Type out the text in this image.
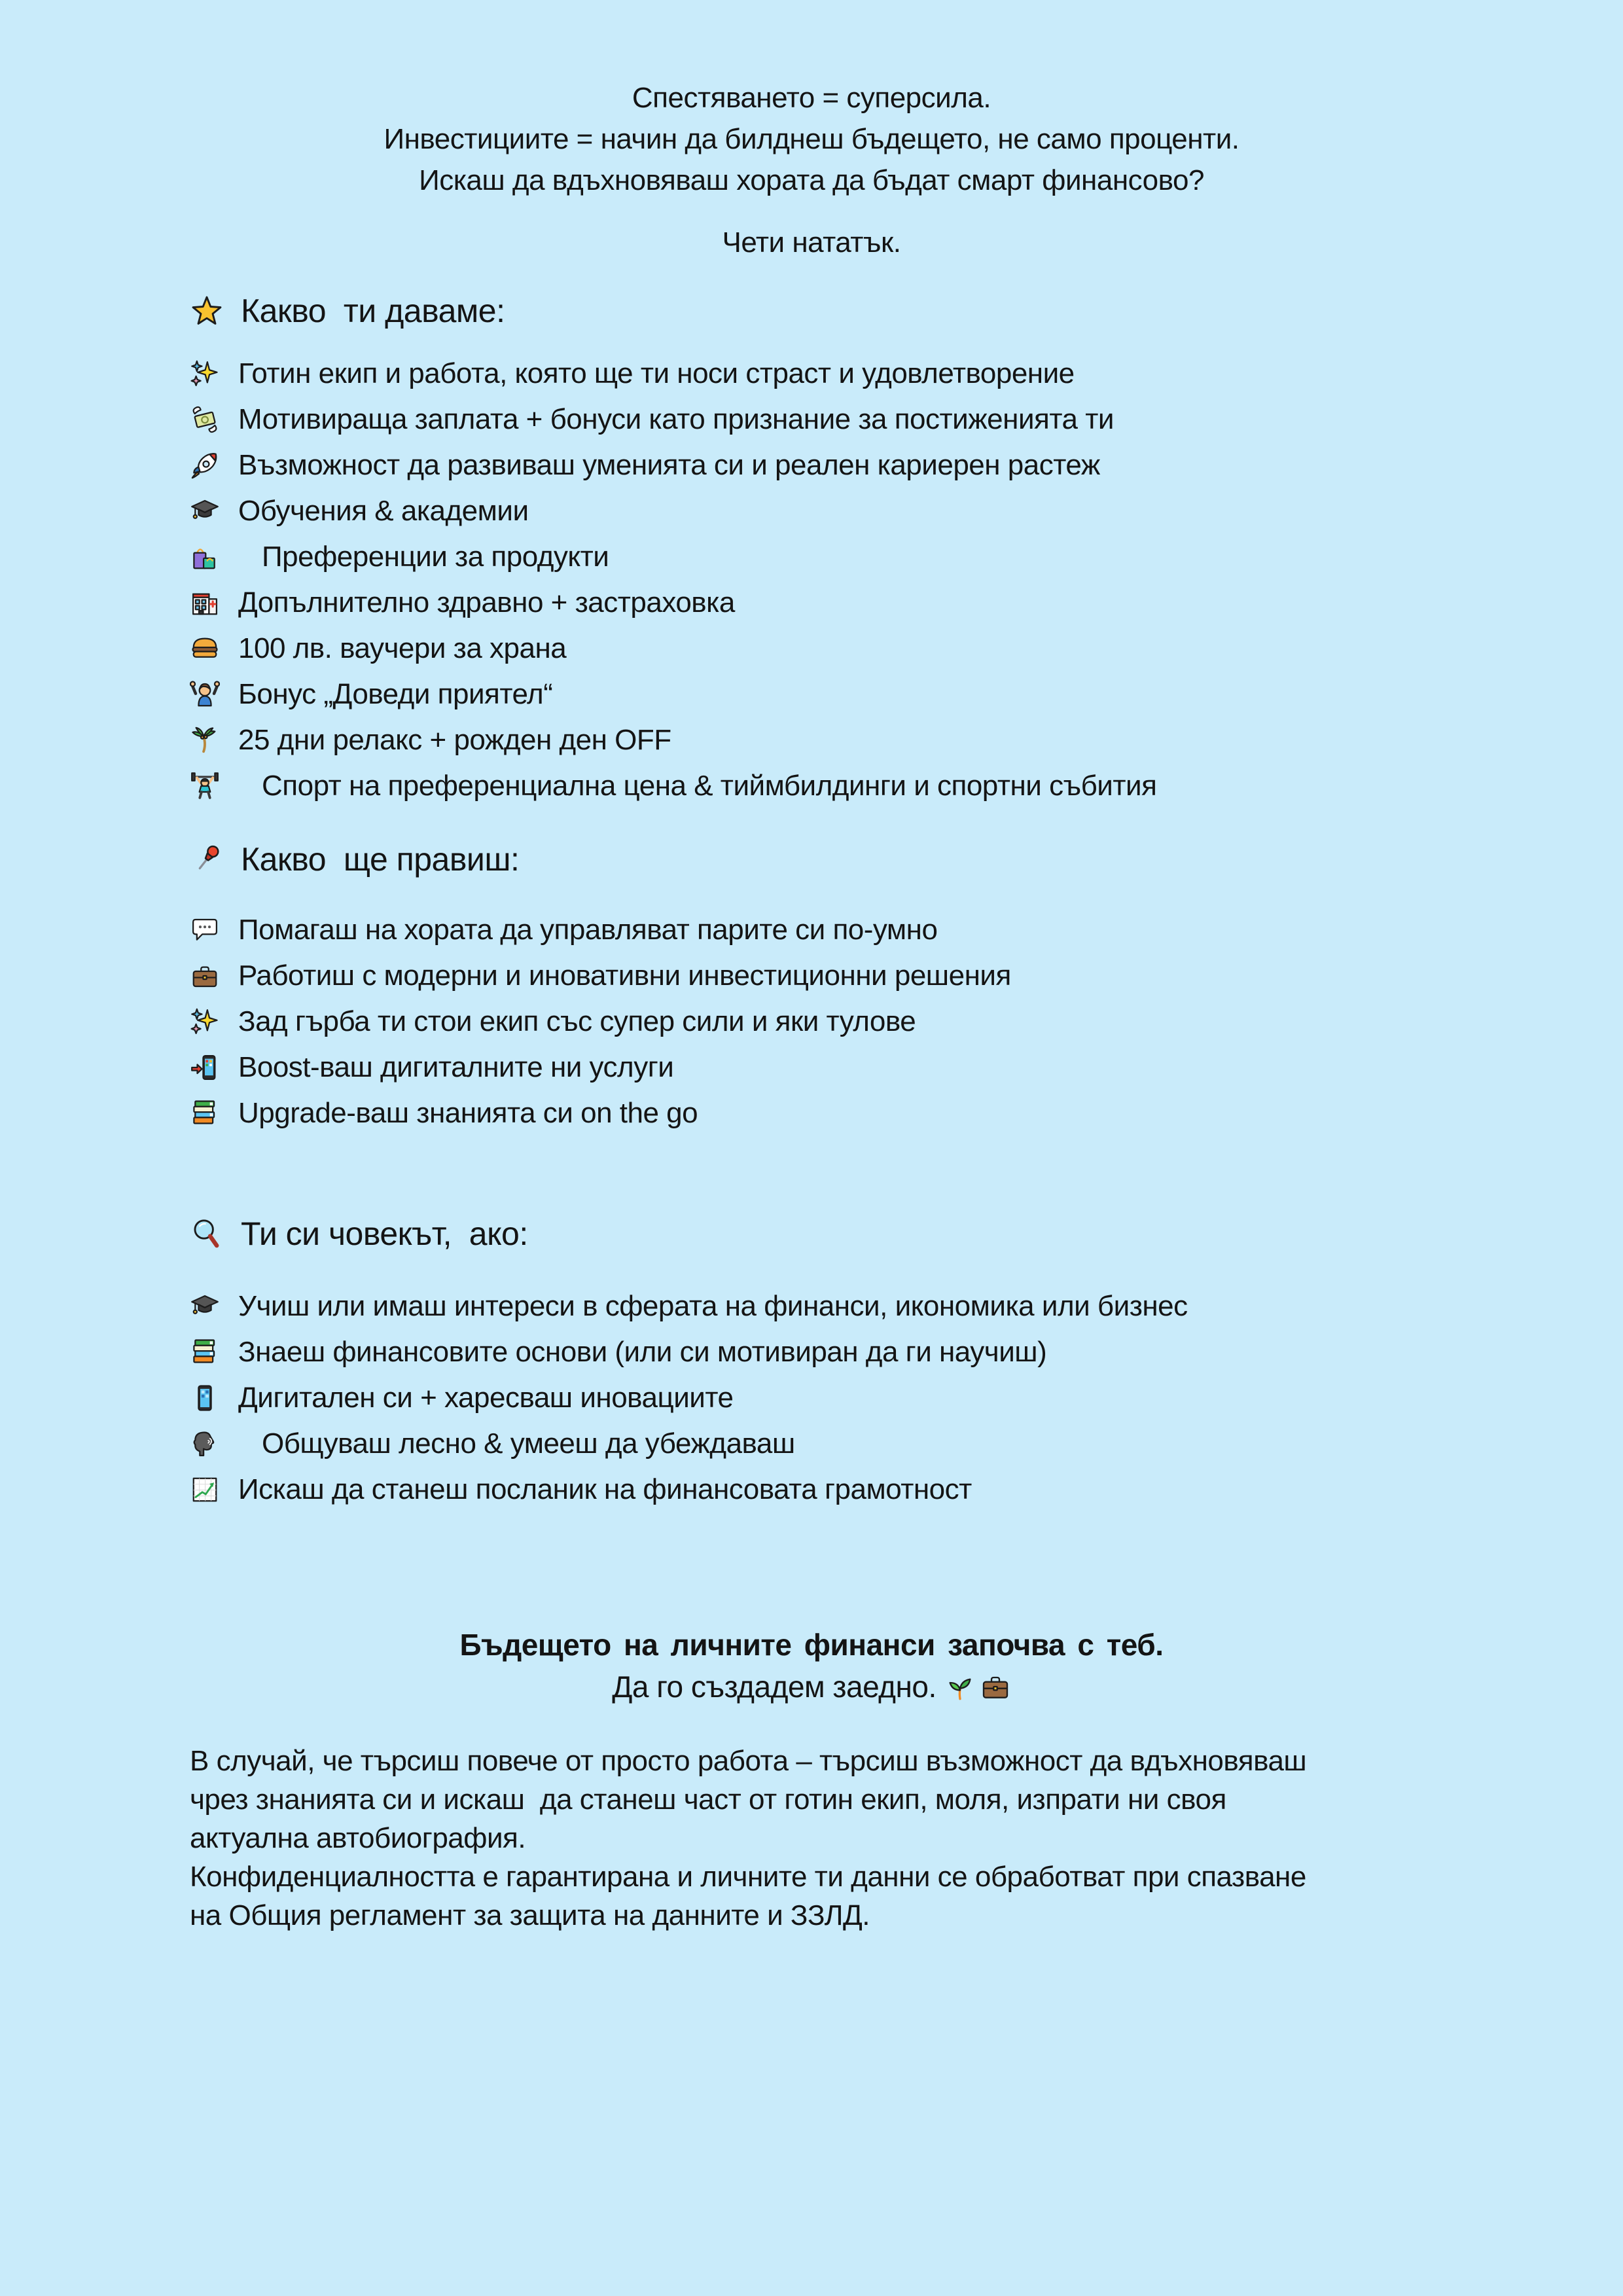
Спестяването = суперсила.
Инвестициите = начин да билднеш бъдещето, не само проценти.
Искаш да вдъхновяваш хората да бъдат смарт финансово?
Чети нататък.
Какво  ти даваме:
Готин екип и работа, която ще ти носи страст и удовлетворение
Мотивираща заплата + бонуси като признание за постиженията ти
Възможност да развиваш уменията си и реален кариерен растеж
Обучения & академии
Преференции за продукти
Допълнително здравно + застраховка
100 лв. ваучери за храна
Бонус „Доведи приятел“
25 дни релакс + рожден ден OFF
Спорт на преференциална цена & тиймбилдинги и спортни събития
Какво  ще правиш:
Помагаш на хората да управляват парите си по-умно
Работиш с модерни и иновативни инвестиционни решения
Зад гърба ти стои екип със супер сили и яки тулове
Boost-ваш дигиталните ни услуги
Upgrade-ваш знанията си on the go
Ти си човекът,  ако:
Учиш или имаш интереси в сферата на финанси, икономика или бизнес
Знаеш финансовите основи (или си мотивиран да ги научиш)
Дигитален си + харесваш иновациите
Общуваш лесно & умееш да убеждаваш
Искаш да станеш посланик на финансовата грамотност
Бъдещето на личните финанси започва с теб.
Да го създадем заедно.
В случай, че търсиш повече от просто работа – търсиш възможност да вдъхновяваш
чрез знанията си и искаш  да станеш част от готин екип, моля, изпрати ни своя
актуална автобиография.
Конфиденциалността е гарантирана и личните ти данни се обработват при спазване
на Общия регламент за защита на данните и ЗЗЛД.
